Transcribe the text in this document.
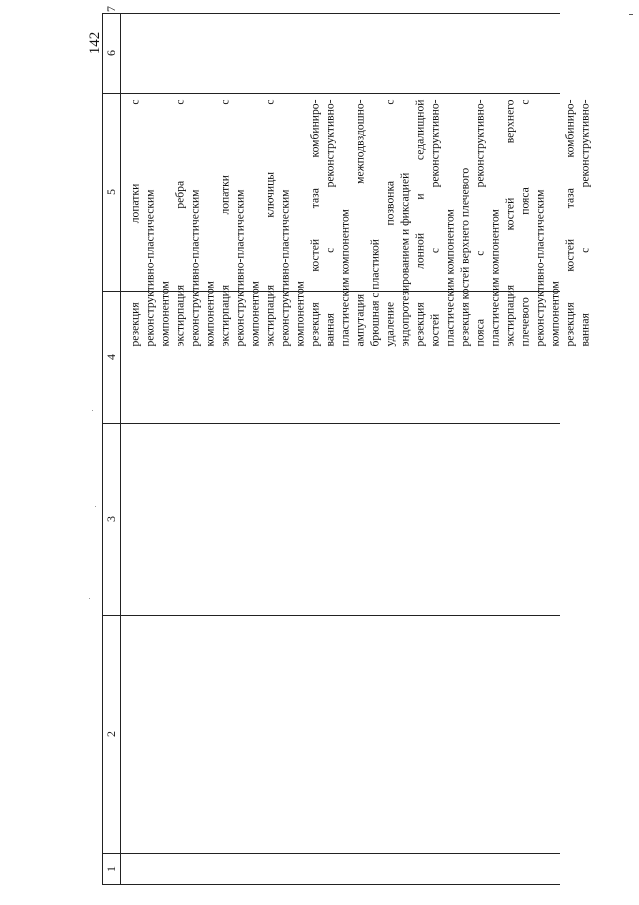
142
1
2
3
4
5
6
7
резекция
лопатки
с
реконструктивно-пластическим компонентом экстирпация
ребра
с
реконструктивно-пластическим компонентом экстирпация
лопатки
с
реконструктивно-пластическим компонентом экстирпация
ключицы
с
реконструктивно-пластическим компонентом резекция
костей
таза
комбиниро-
ванная
с
реконструктивно-
пластическим компонентом ампутация
межподвздошно-
брюшная с пластикой удаление
позвонка
с
эндопротезированием и фиксацией резекция
лонной
и
седалищной
костей
с
реконструктивно-
пластическим компонентом резекция костей верхнего плечевого пояса
с
реконструктивно-
пластическим компонентом экстирпация
костей
верхнего
плечевого
пояса
с
реконструктивно-пластическим компонентом резекция
костей
таза
комбиниро-
ванная
с
реконструктивно-
